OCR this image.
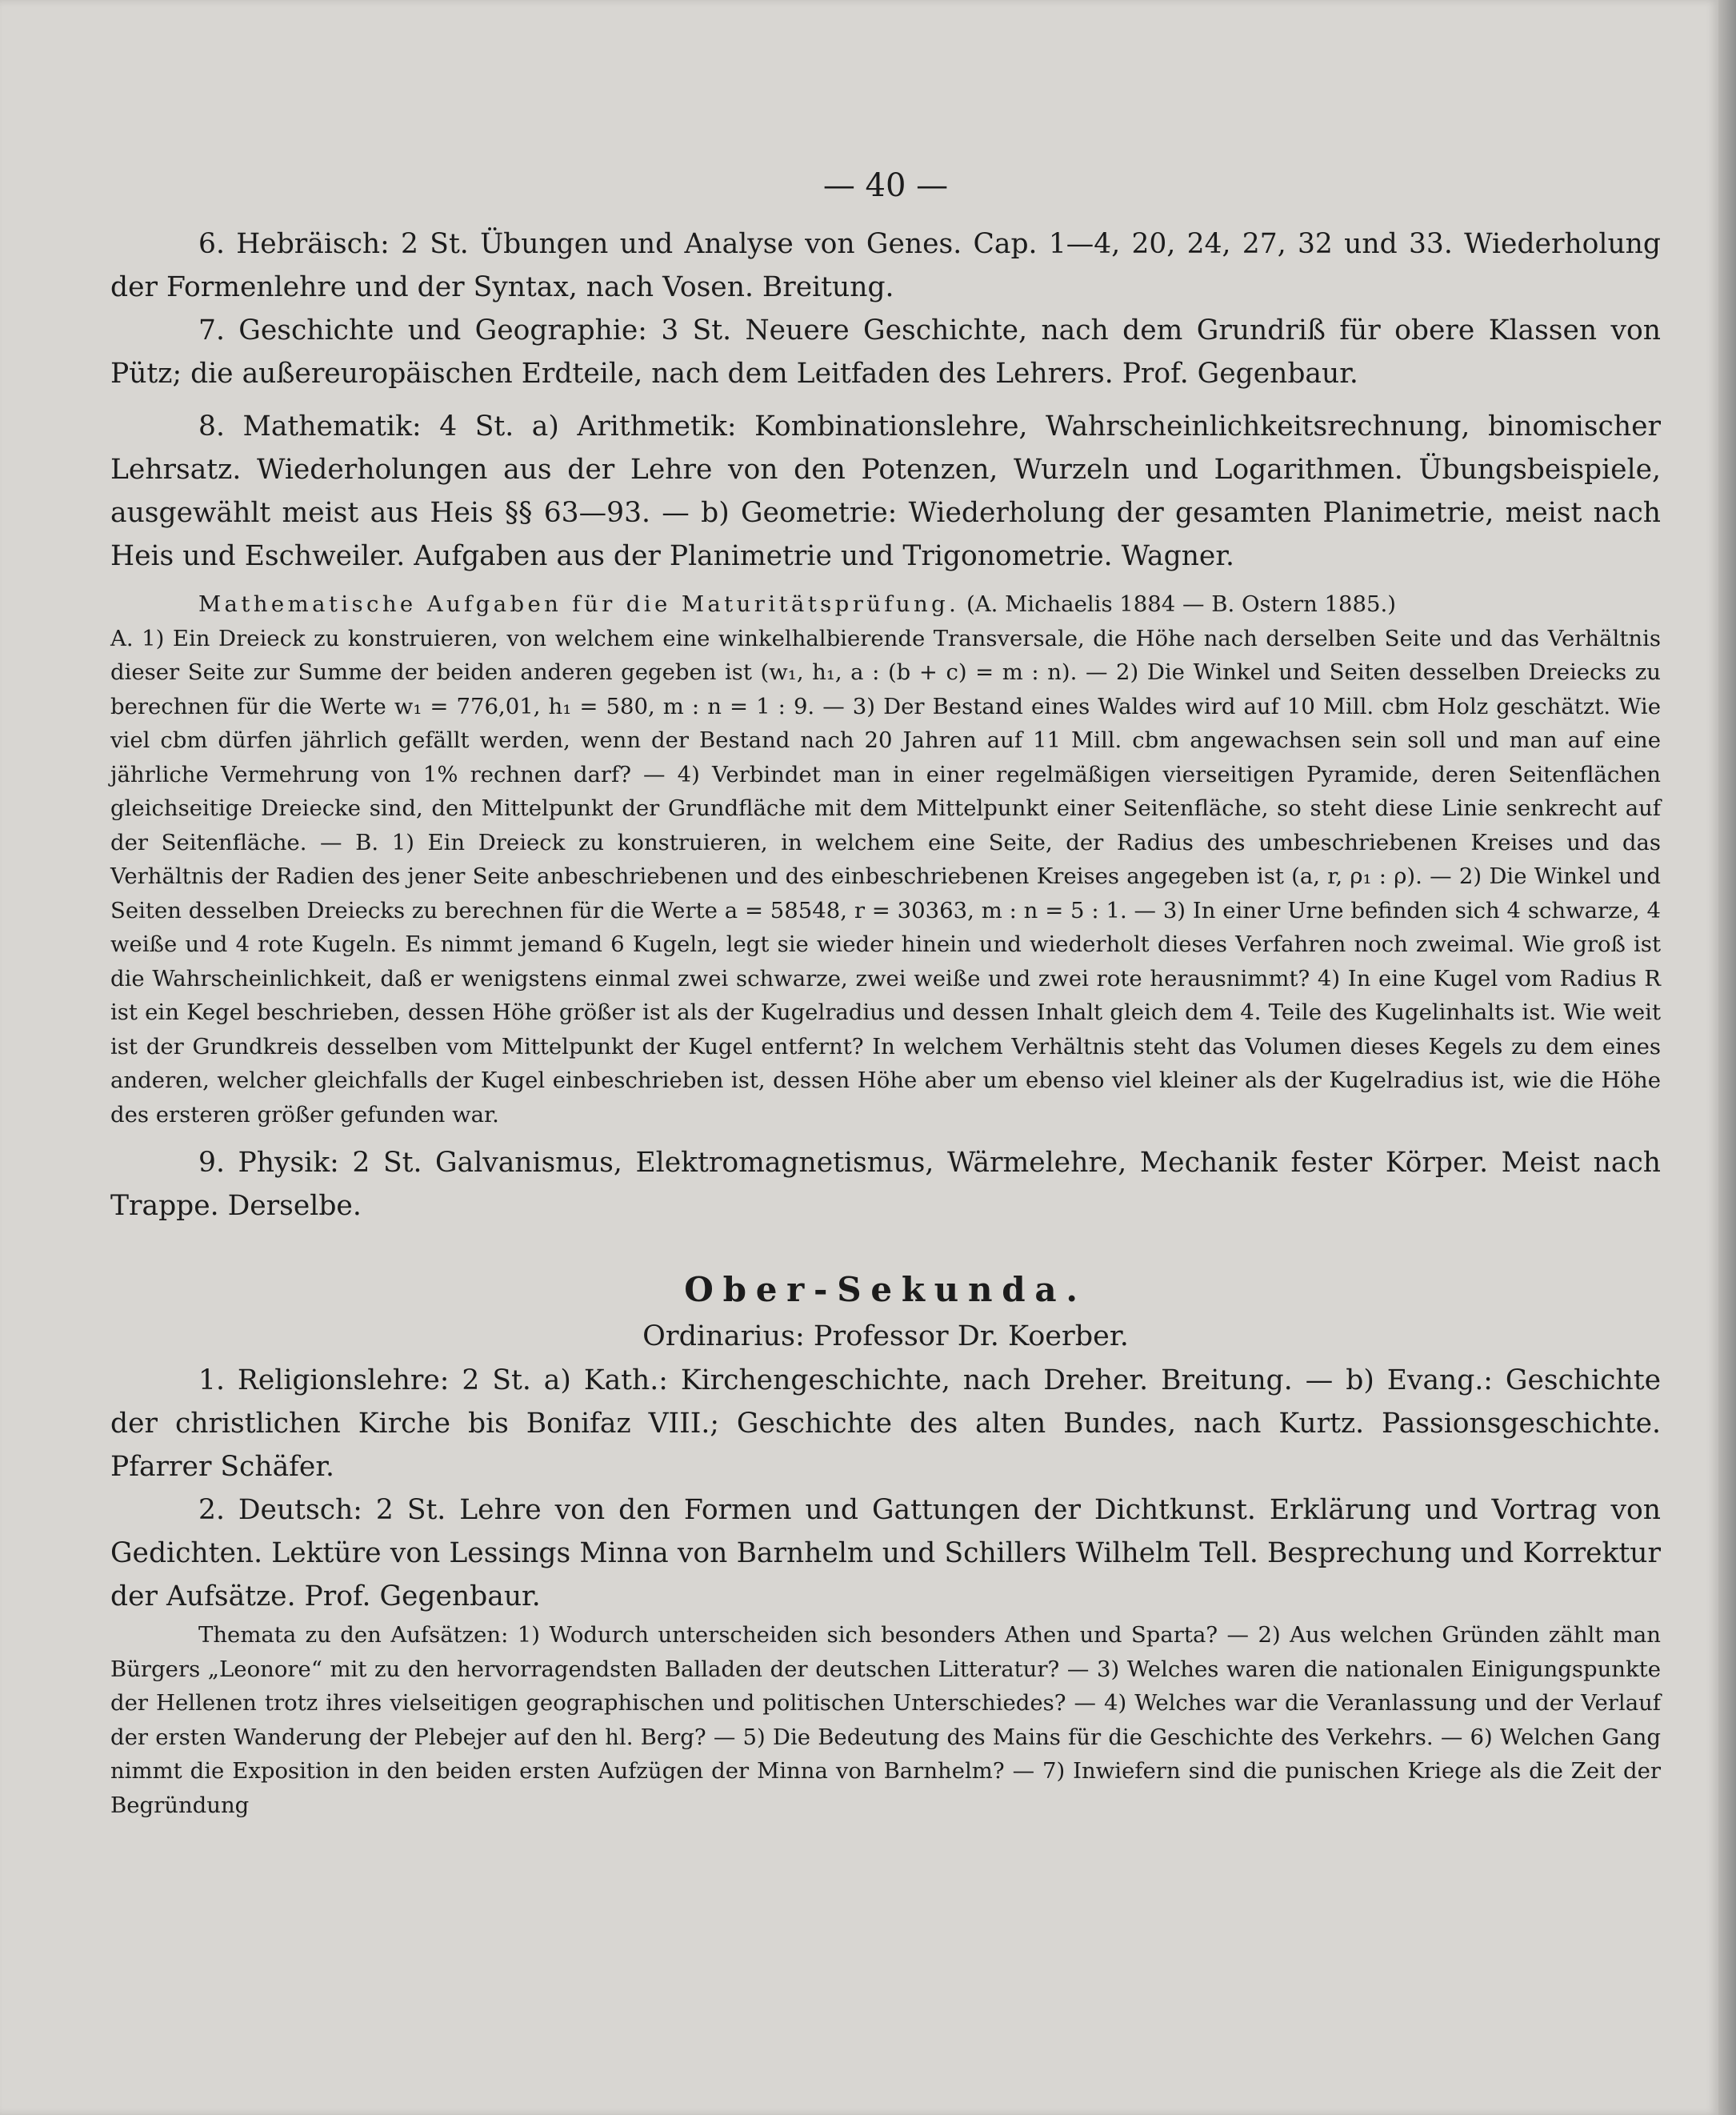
— 40 —

6. Hebräisch: 2 St. Übungen und Analyse von Genes. Cap. 1—4, 20, 24, 27, 32 und 33. Wiederholung der Formenlehre und der Syntax, nach Vosen. Breitung.

7. Geschichte und Geographie: 3 St. Neuere Geschichte, nach dem Grundriß für obere Klassen von Pütz; die außereuropäischen Erdteile, nach dem Leitfaden des Lehrers. Prof. Gegenbaur.

8. Mathematik: 4 St. a) Arithmetik: Kombinationslehre, Wahrscheinlichkeitsrechnung, binomischer Lehrsatz. Wiederholungen aus der Lehre von den Potenzen, Wurzeln und Logarithmen. Übungsbeispiele, ausgewählt meist aus Heis §§ 63—93. — b) Geometrie: Wiederholung der gesamten Planimetrie, meist nach Heis und Eschweiler. Aufgaben aus der Planimetrie und Trigonometrie. Wagner.

Mathematische Aufgaben für die Maturitätsprüfung. (A. Michaelis 1884 — B. Ostern 1885.)

A. 1) Ein Dreieck zu konstruieren, von welchem eine winkelhalbierende Transversale, die Höhe nach derselben Seite und das Verhältnis dieser Seite zur Summe der beiden anderen gegeben ist (w₁, h₁, a : (b + c) = m : n). — 2) Die Winkel und Seiten desselben Dreiecks zu berechnen für die Werte w₁ = 776,01, h₁ = 580, m : n = 1 : 9. — 3) Der Bestand eines Waldes wird auf 10 Mill. cbm Holz geschätzt. Wie viel cbm dürfen jährlich gefällt werden, wenn der Bestand nach 20 Jahren auf 11 Mill. cbm angewachsen sein soll und man auf eine jährliche Vermehrung von 1% rechnen darf? — 4) Verbindet man in einer regelmäßigen vierseitigen Pyramide, deren Seitenflächen gleichseitige Dreiecke sind, den Mittelpunkt der Grundfläche mit dem Mittelpunkt einer Seitenfläche, so steht diese Linie senkrecht auf der Seitenfläche. — B. 1) Ein Dreieck zu konstruieren, in welchem eine Seite, der Radius des umbeschriebenen Kreises und das Verhältnis der Radien des jener Seite anbeschriebenen und des einbeschriebenen Kreises angegeben ist (a, r, ρ₁ : ρ). — 2) Die Winkel und Seiten desselben Dreiecks zu berechnen für die Werte a = 58548, r = 30363, m : n = 5 : 1. — 3) In einer Urne befinden sich 4 schwarze, 4 weiße und 4 rote Kugeln. Es nimmt jemand 6 Kugeln, legt sie wieder hinein und wiederholt dieses Verfahren noch zweimal. Wie groß ist die Wahrscheinlichkeit, daß er wenigstens einmal zwei schwarze, zwei weiße und zwei rote herausnimmt? 4) In eine Kugel vom Radius R ist ein Kegel beschrieben, dessen Höhe größer ist als der Kugelradius und dessen Inhalt gleich dem 4. Teile des Kugelinhalts ist. Wie weit ist der Grundkreis desselben vom Mittelpunkt der Kugel entfernt? In welchem Verhältnis steht das Volumen dieses Kegels zu dem eines anderen, welcher gleichfalls der Kugel einbeschrieben ist, dessen Höhe aber um ebenso viel kleiner als der Kugelradius ist, wie die Höhe des ersteren größer gefunden war.

9. Physik: 2 St. Galvanismus, Elektromagnetismus, Wärmelehre, Mechanik fester Körper. Meist nach Trappe. Derselbe.

Ober-Sekunda.
Ordinarius: Professor Dr. Koerber.

1. Religionslehre: 2 St. a) Kath.: Kirchengeschichte, nach Dreher. Breitung. — b) Evang.: Geschichte der christlichen Kirche bis Bonifaz VIII.; Geschichte des alten Bundes, nach Kurtz. Passionsgeschichte. Pfarrer Schäfer.

2. Deutsch: 2 St. Lehre von den Formen und Gattungen der Dichtkunst. Erklärung und Vortrag von Gedichten. Lektüre von Lessings Minna von Barnhelm und Schillers Wilhelm Tell. Besprechung und Korrektur der Aufsätze. Prof. Gegenbaur.

Themata zu den Aufsätzen: 1) Wodurch unterscheiden sich besonders Athen und Sparta? — 2) Aus welchen Gründen zählt man Bürgers „Leonore“ mit zu den hervorragendsten Balladen der deutschen Litteratur? — 3) Welches waren die nationalen Einigungspunkte der Hellenen trotz ihres vielseitigen geographischen und politischen Unterschiedes? — 4) Welches war die Veranlassung und der Verlauf der ersten Wanderung der Plebejer auf den hl. Berg? — 5) Die Bedeutung des Mains für die Geschichte des Verkehrs. — 6) Welchen Gang nimmt die Exposition in den beiden ersten Aufzügen der Minna von Barnhelm? — 7) Inwiefern sind die punischen Kriege als die Zeit der Begründung
